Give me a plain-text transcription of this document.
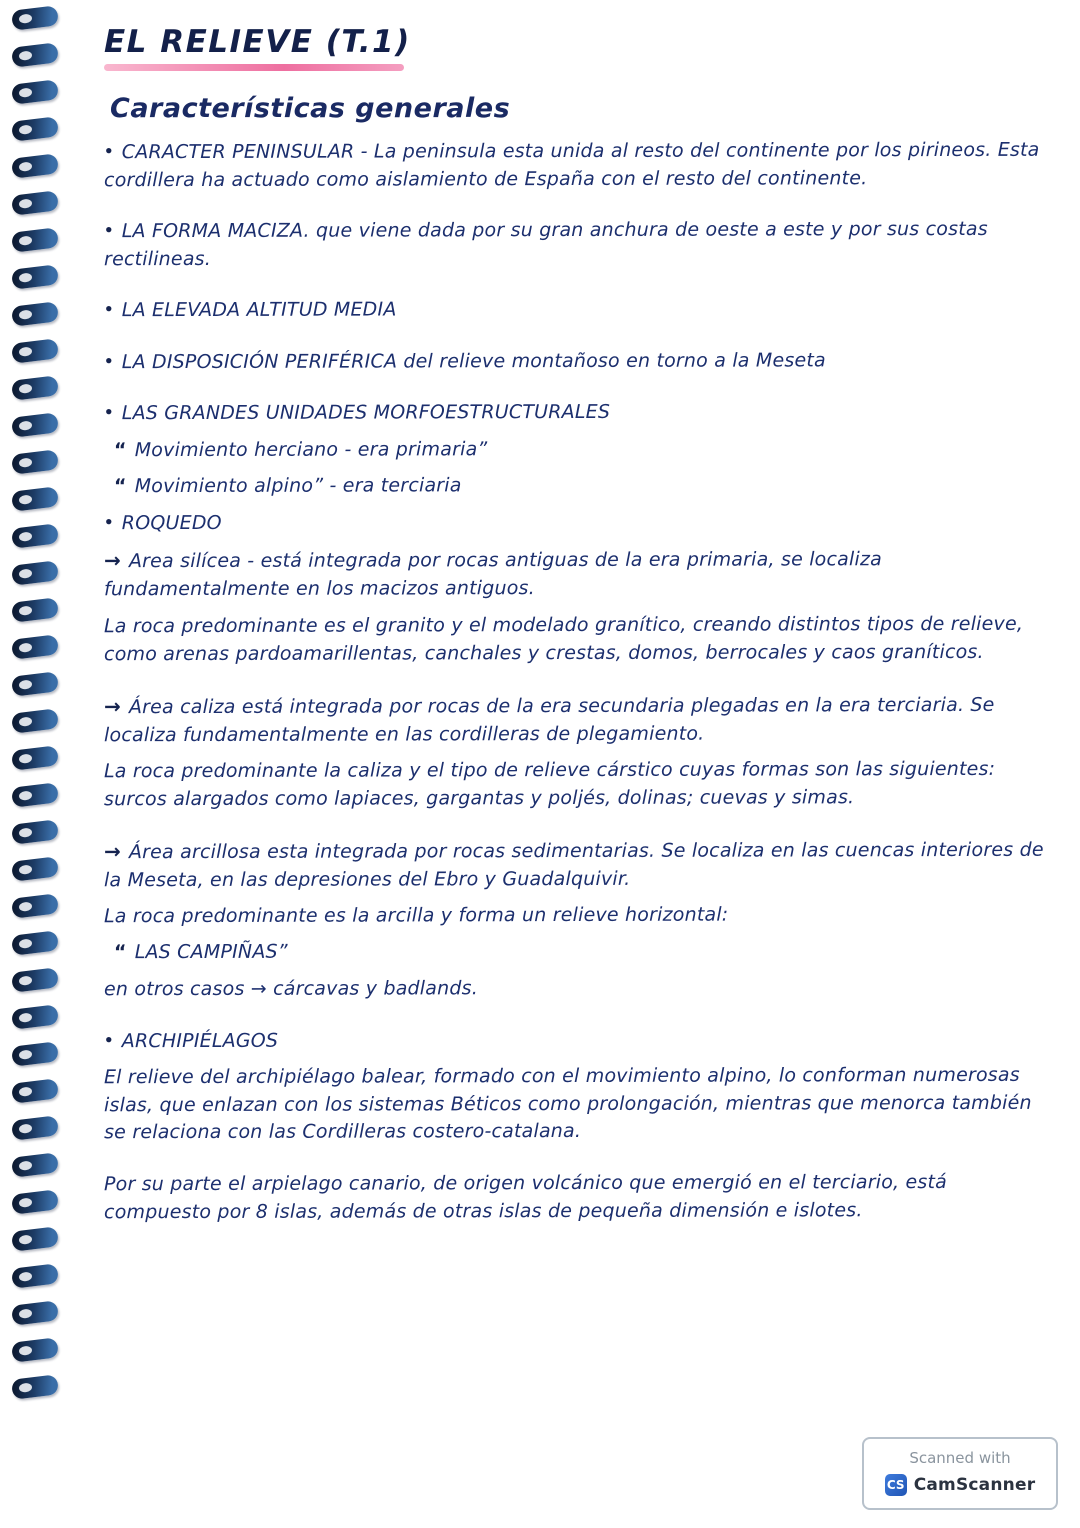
EL RELIEVE (T.1)
Características generales

• CARACTER PENINSULAR - La peninsula esta unida al resto del continente por los pirineos. Esta cordillera ha actuado como aislamiento de España con el resto del continente.

• LA FORMA MACIZA. que viene dada por su gran anchura de oeste a este y por sus costas rectilineas.

• LA ELEVADA ALTITUD MEDIA

• LA DISPOSICIÓN PERIFÉRICA del relieve montañoso en torno a la Meseta

• LAS GRANDES UNIDADES MORFOESTRUCTURALES

“ Movimiento herciano - era primaria”

“ Movimiento alpino” - era terciaria

• ROQUEDO

→ Area silícea - está integrada por rocas antiguas de la era primaria, se localiza fundamentalmente en los macizos antiguos.

La roca predominante es el granito y el modelado granítico, creando distintos tipos de relieve, como arenas pardoamarillentas, canchales y crestas, domos, berrocales y caos graníticos.

→ Área caliza está integrada por rocas de la era secundaria plegadas en la era terciaria. Se localiza fundamentalmente en las cordilleras de plegamiento.

La roca predominante la caliza y el tipo de relieve cárstico cuyas formas son las siguientes: surcos alargados como lapiaces, gargantas y poljés, dolinas; cuevas y simas.

→ Área arcillosa esta integrada por rocas sedimentarias. Se localiza en las cuencas interiores de la Meseta, en las depresiones del Ebro y Guadalquivir.

La roca predominante es la arcilla y forma un relieve horizontal:

“ LAS CAMPIÑAS”

en otros casos → cárcavas y badlands.

• ARCHIPIÉLAGOS

El relieve del archipiélago balear, formado con el movimiento alpino, lo conforman numerosas islas, que enlazan con los sistemas Béticos como prolongación, mientras que menorca también se relaciona con las Cordilleras costero-catalana.

Por su parte el arpielago canario, de origen volcánico que emergió en el terciario, está compuesto por 8 islas, además de otras islas de pequeña dimensión e islotes.

Scanned with
CS CamScanner
